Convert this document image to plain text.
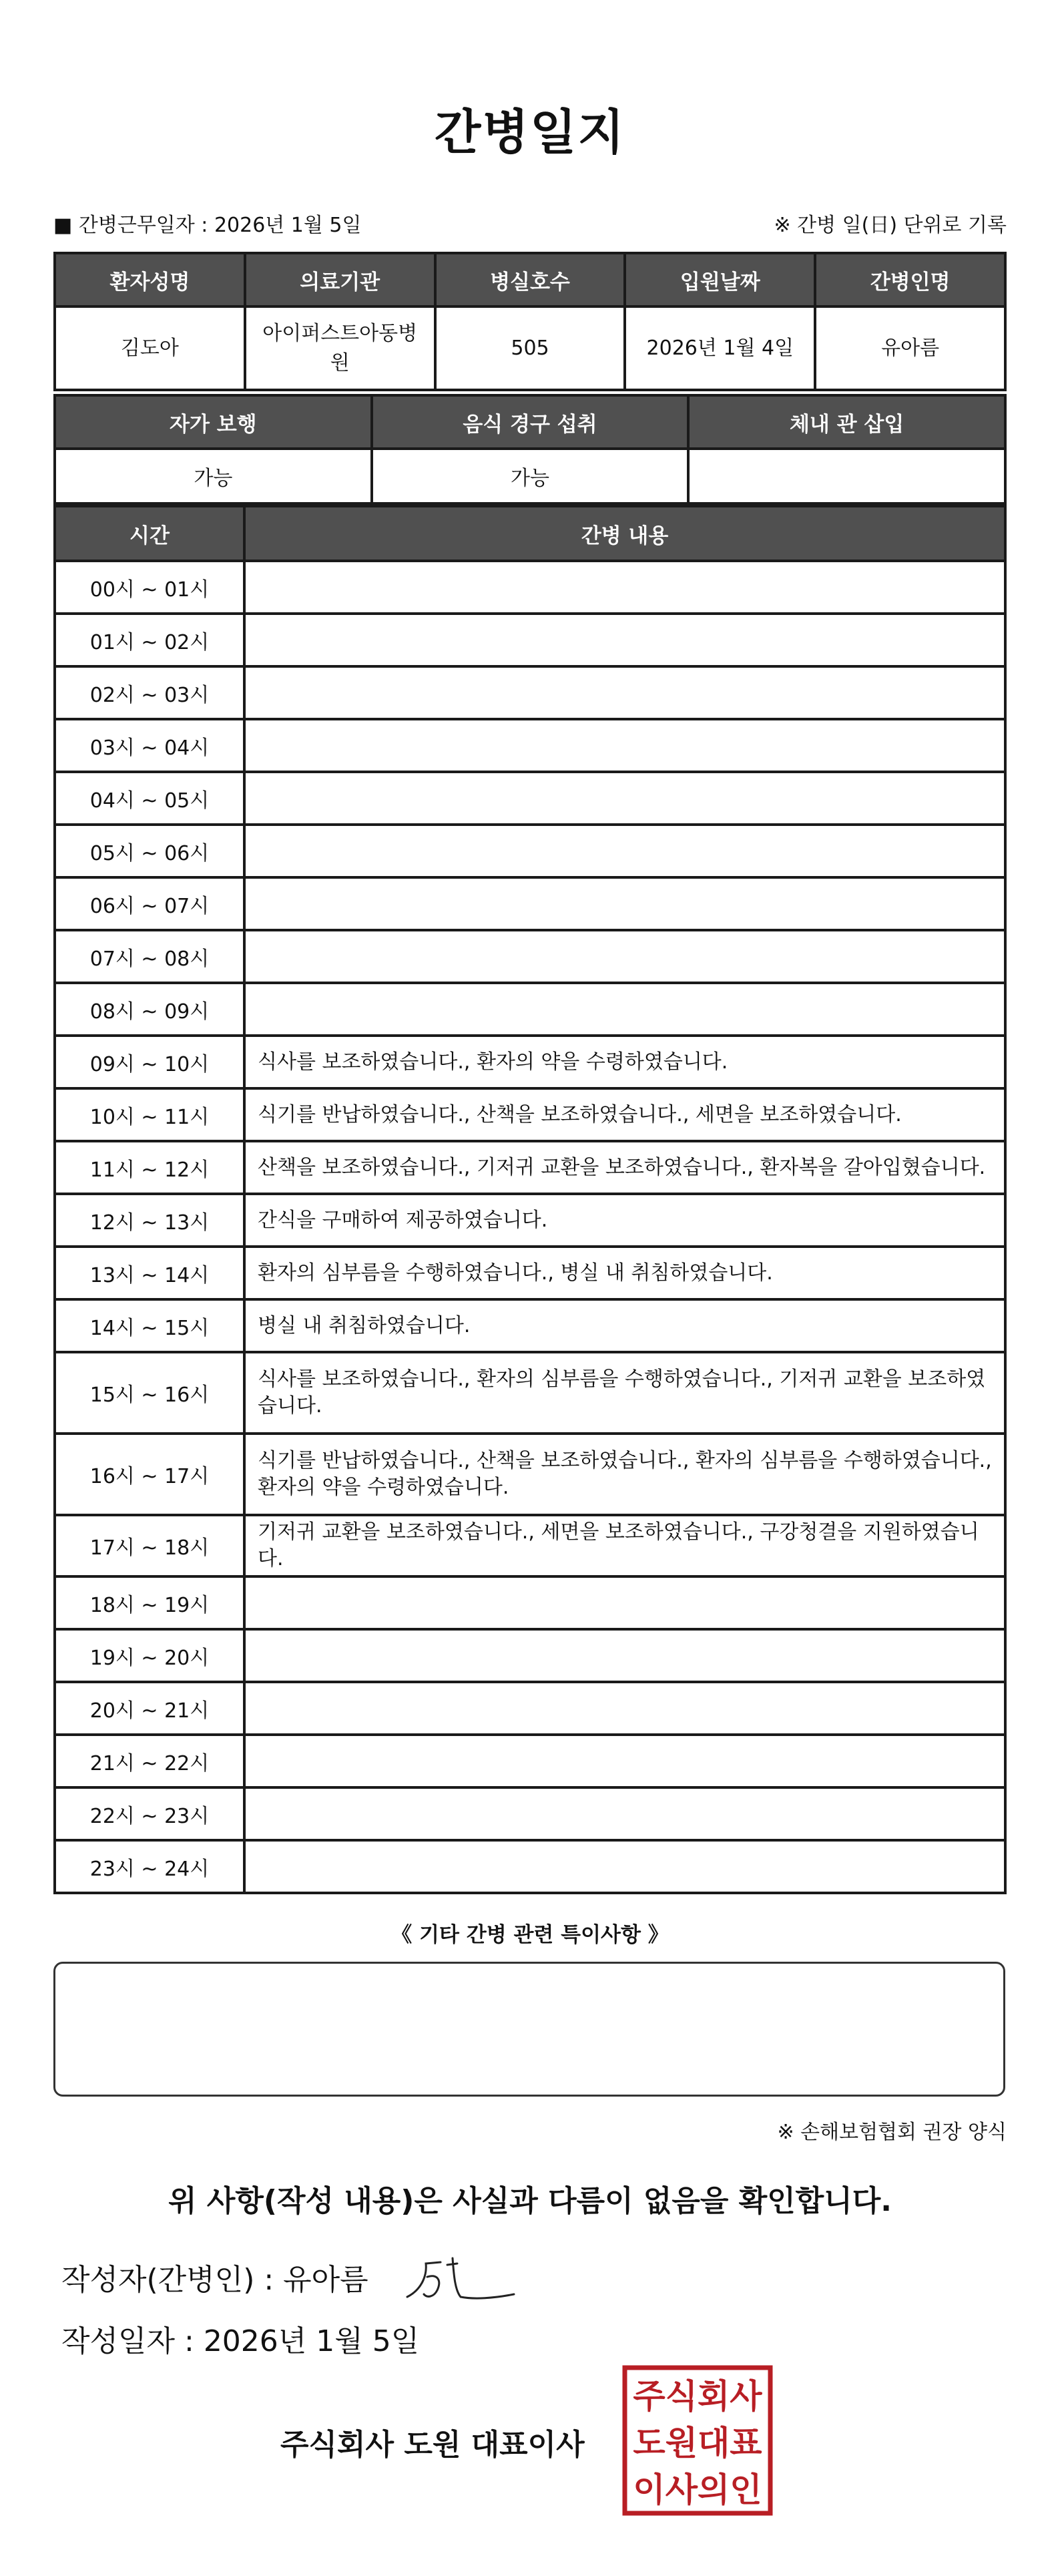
간병일지
■ 간병근무일자 : 2026년 1월 5일	※ 간병 일(日) 단위로 기록
환자성명	의료기관	병실호수	입원날짜	간병인명
김도아	아이퍼스트아동병원	505	2026년 1월 4일	유아름
자가 보행	음식 경구 섭취	체내 관 삽입
가능	가능	
시간	간병 내용
00시 ~ 01시	
01시 ~ 02시	
02시 ~ 03시	
03시 ~ 04시	
04시 ~ 05시	
05시 ~ 06시	
06시 ~ 07시	
07시 ~ 08시	
08시 ~ 09시	
09시 ~ 10시	식사를 보조하였습니다., 환자의 약을 수령하였습니다.
10시 ~ 11시	식기를 반납하였습니다., 산책을 보조하였습니다., 세면을 보조하였습니다.
11시 ~ 12시	산책을 보조하였습니다., 기저귀 교환을 보조하였습니다., 환자복을 갈아입혔습니다.
12시 ~ 13시	간식을 구매하여 제공하였습니다.
13시 ~ 14시	환자의 심부름을 수행하였습니다., 병실 내 취침하였습니다.
14시 ~ 15시	병실 내 취침하였습니다.
15시 ~ 16시	식사를 보조하였습니다., 환자의 심부름을 수행하였습니다., 기저귀 교환을 보조하였습니다.
16시 ~ 17시	식기를 반납하였습니다., 산책을 보조하였습니다., 환자의 심부름을 수행하였습니다., 환자의 약을 수령하였습니다.
17시 ~ 18시	기저귀 교환을 보조하였습니다., 세면을 보조하였습니다., 구강청결을 지원하였습니다.
18시 ~ 19시	
19시 ~ 20시	
20시 ~ 21시	
21시 ~ 22시	
22시 ~ 23시	
23시 ~ 24시	
《 기타 간병 관련 특이사항 》
※ 손해보험협회 권장 양식
위 사항(작성 내용)은 사실과 다름이 없음을 확인합니다.
작성자(간병인) : 유아름
작성일자 : 2026년 1월 5일
주식회사 도원 대표이사
주식회사
도원대표
이사의인
